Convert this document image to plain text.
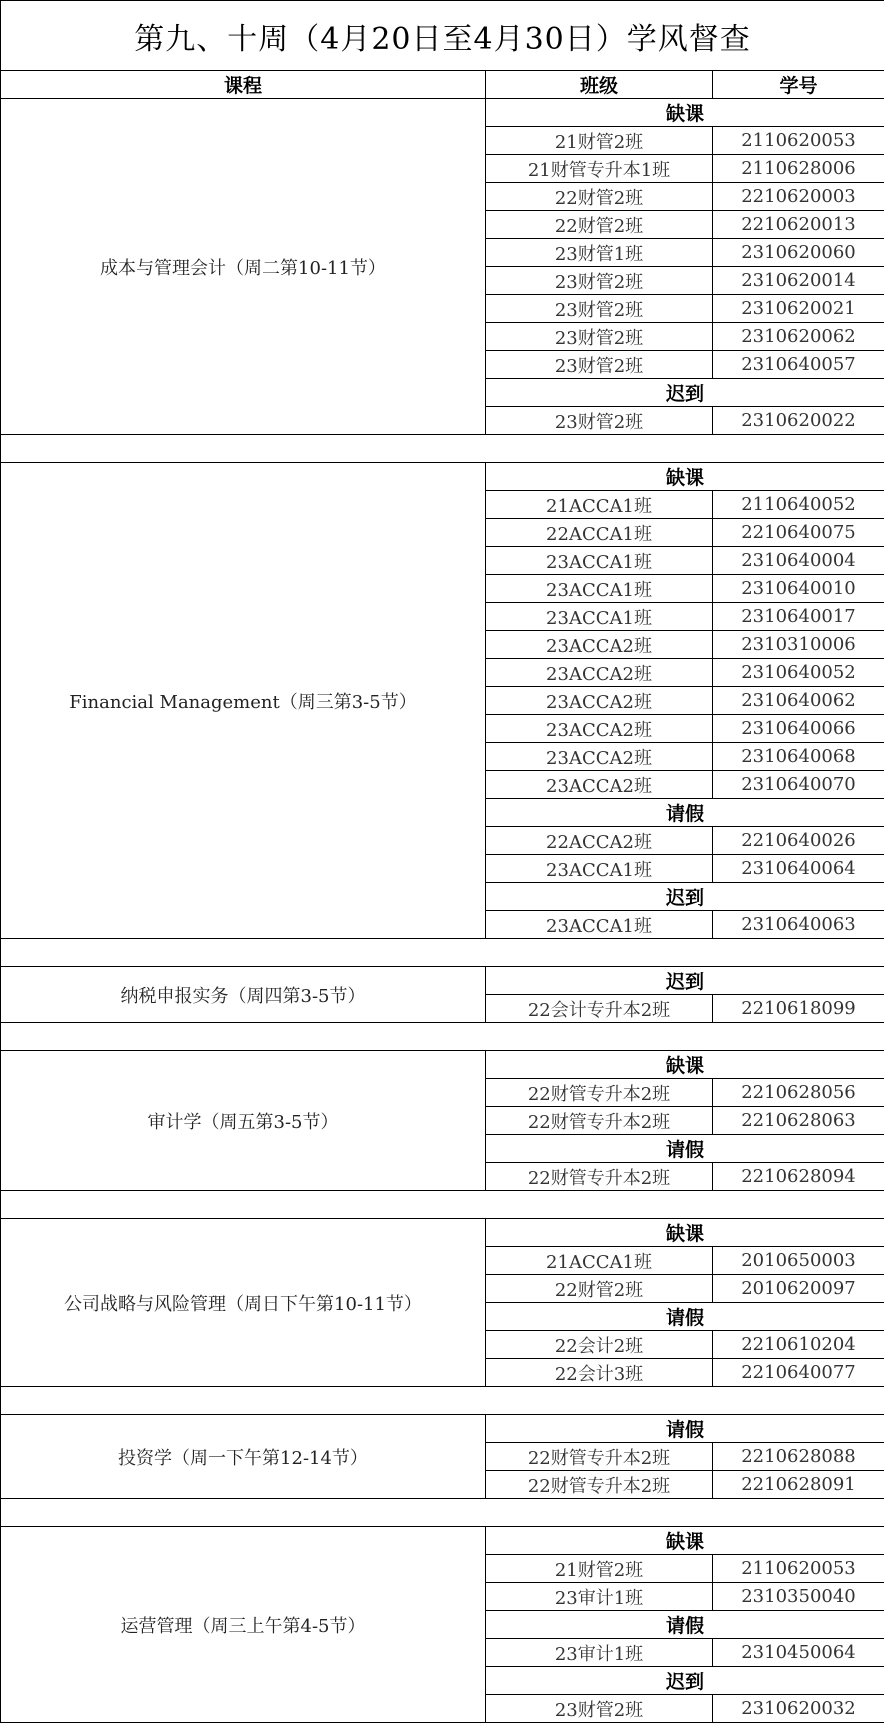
第九、十周（4月20日至4月30日）学风督查		
课程	班级	学号
成本与管理会计（周二第10-11节）	缺课	
	21财管2班	2110620053
	21财管专升本1班	2110628006
	22财管2班	2210620003
	22财管2班	2210620013
	23财管1班	2310620060
	23财管2班	2310620014
	23财管2班	2310620021
	23财管2班	2310620062
	23财管2班	2310640057
	迟到	
	23财管2班	2310620022

Financial Management（周三第3-5节）	缺课	
	21ACCA1班	2110640052
	22ACCA1班	2210640075
	23ACCA1班	2310640004
	23ACCA1班	2310640010
	23ACCA1班	2310640017
	23ACCA2班	2310310006
	23ACCA2班	2310640052
	23ACCA2班	2310640062
	23ACCA2班	2310640066
	23ACCA2班	2310640068
	23ACCA2班	2310640070
	请假	
	22ACCA2班	2210640026
	23ACCA1班	2310640064
	迟到	
	23ACCA1班	2310640063

纳税申报实务（周四第3-5节）	迟到	
	22会计专升本2班	2210618099

审计学（周五第3-5节）	缺课	
	22财管专升本2班	2210628056
	22财管专升本2班	2210628063
	请假	
	22财管专升本2班	2210628094

公司战略与风险管理（周日下午第10-11节）	缺课	
	21ACCA1班	2010650003
	22财管2班	2010620097
	请假	
	22会计2班	2210610204
	22会计3班	2210640077

投资学（周一下午第12-14节）	请假	
	22财管专升本2班	2210628088
	22财管专升本2班	2210628091

运营管理（周三上午第4-5节）	缺课	
	21财管2班	2110620053
	23审计1班	2310350040
	请假	
	23审计1班	2310450064
	迟到	
	23财管2班	2310620032
